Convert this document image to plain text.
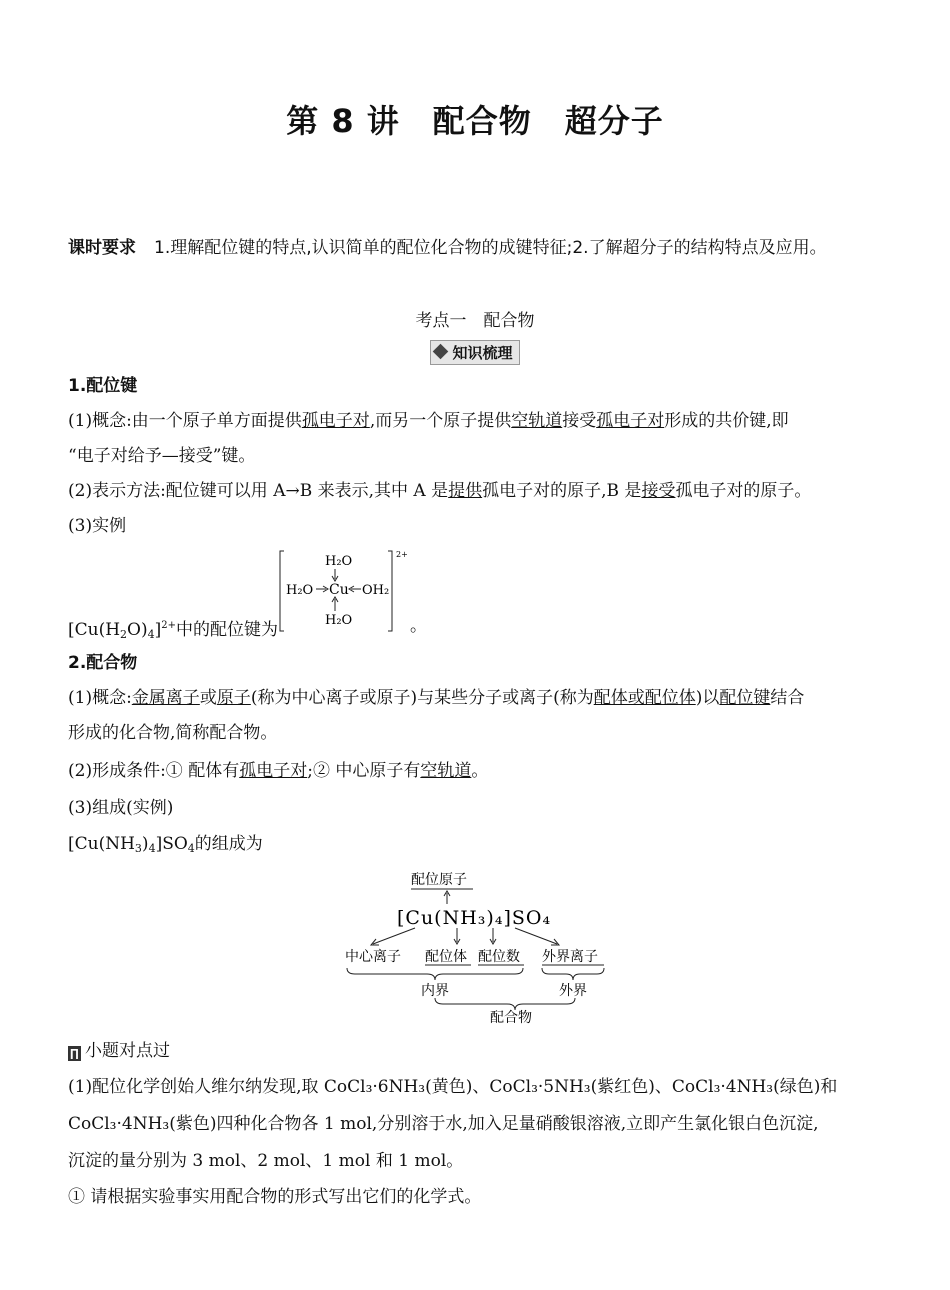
第 8 讲　配合物　超分子
课时要求 1.理解配位键的特点,认识简单的配位化合物的成键特征;2.了解超分子的结构特点及应用。
考点一　配合物
知识梳理
1.配位键
(1)概念:由一个原子单方面提供孤电子对,而另一个原子提供空轨道接受孤电子对形成的共价键,即
“电子对给予—接受”键。
(2)表示方法:配位键可以用 A→B 来表示,其中 A 是提供孤电子对的原子,B 是接受孤电子对的原子。
(3)实例
$[Cu(H_2O)_4]^{2+}$中的配位键为
2+
H₂O
H₂O Cu OH₂
H₂O	。
2.配合物
(1)概念:金属离子或原子(称为中心离子或原子)与某些分子或离子(称为配体或配位体)以配位键结合
形成的化合物,简称配合物。
(2)形成条件:① 配体有孤电子对;② 中心原子有空轨道。
(3)组成(实例)
$[Cu(NH_3)_4]SO_4$的组成为
配位原子
[Cu(NH₃)₄]SO₄
中心离子 配位体 配位数 外界离子
内界	外界
配合物
∏ 小题对点过
(1)配位化学创始人维尔纳发现,取 CoCl₃·6NH₃(黄色)、CoCl₃·5NH₃(紫红色)、CoCl₃·4NH₃(绿色)和
CoCl₃·4NH₃(紫色)四种化合物各 1 mol,分别溶于水,加入足量硝酸银溶液,立即产生氯化银白色沉淀,
沉淀的量分别为 3 mol、2 mol、1 mol 和 1 mol。
① 请根据实验事实用配合物的形式写出它们的化学式。
